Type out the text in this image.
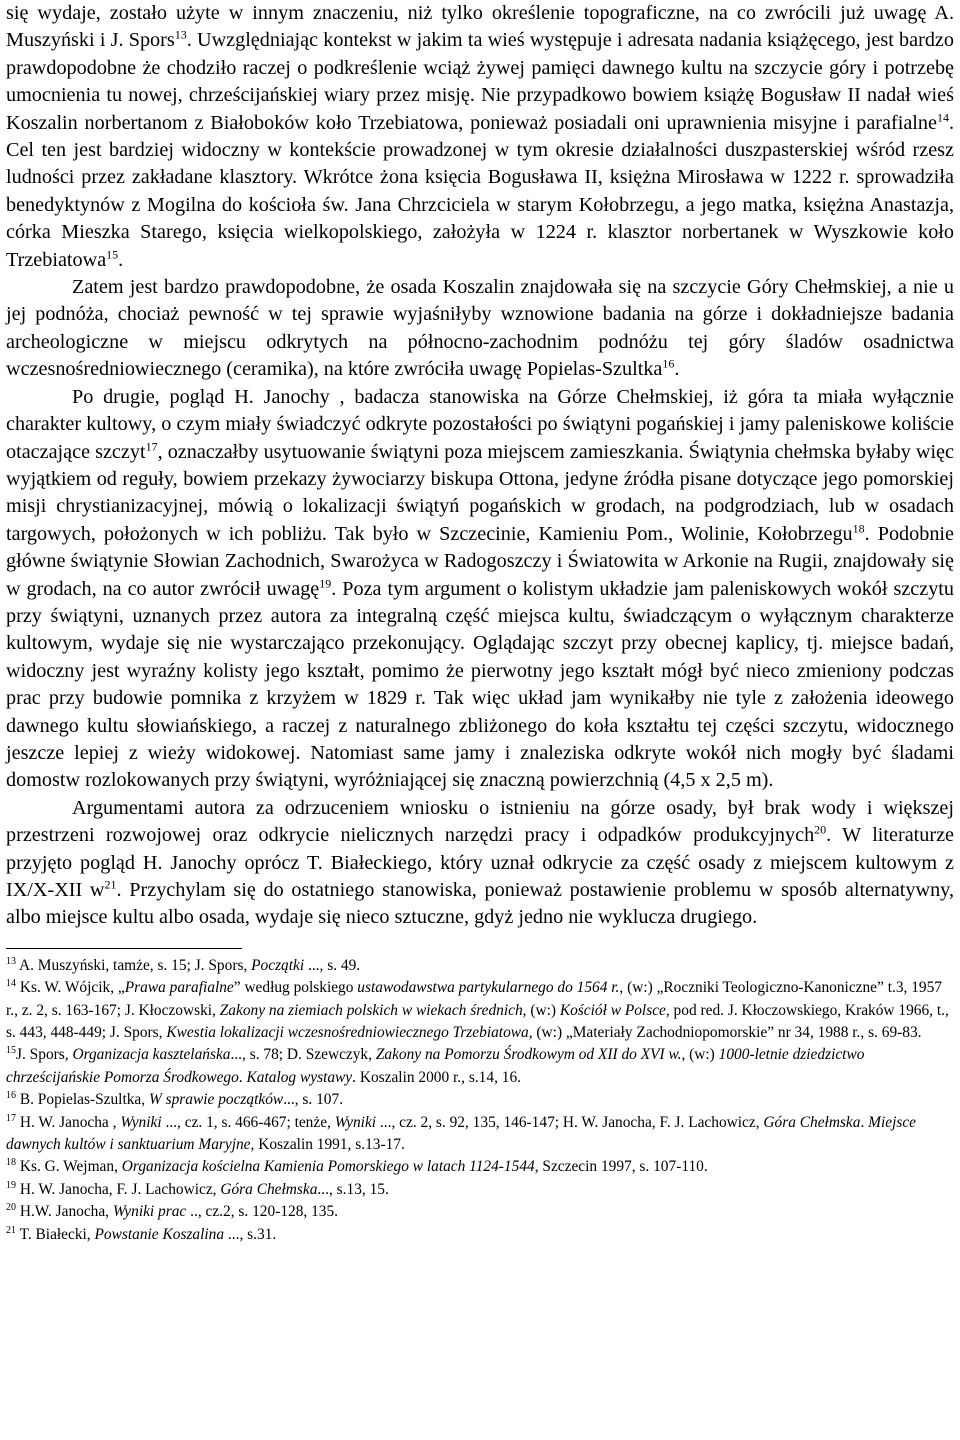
się wydaje, zostało użyte w innym znaczeniu, niż tylko określenie topograficzne, na co zwrócili już uwagę A. Muszyński i J. Spors$^{13}$. Uwzględniając kontekst w jakim ta wieś występuje i adresata nadania książęcego, jest bardzo prawdopodobne że chodziło raczej o podkreślenie wciąż żywej pamięci dawnego kultu na szczycie góry i potrzebę umocnienia tu nowej, chrześcijańskiej wiary przez misję. Nie przypadkowo bowiem książę Bogusław II nadał wieś Koszalin norbertanom z Białoboków koło Trzebiatowa, ponieważ posiadali oni uprawnienia misyjne i parafialne$^{14}$. Cel ten jest bardziej widoczny w kontekście prowadzonej w tym okresie działalności duszpasterskiej wśród rzesz ludności przez zakładane klasztory. Wkrótce żona księcia Bogusława II, księżna Mirosława w 1222 r. sprowadziła benedyktynów z Mogilna do kościoła św. Jana Chrzciciela w starym Kołobrzegu, a jego matka, księżna Anastazja, córka Mieszka Starego, księcia wielkopolskiego, założyła w 1224 r. klasztor norbertanek w Wyszkowie koło Trzebiatowa$^{15}$.

Zatem jest bardzo prawdopodobne, że osada Koszalin znajdowała się na szczycie Góry Chełmskiej, a nie u jej podnóża, chociaż pewność w tej sprawie wyjaśniłyby wznowione badania na górze i dokładniejsze badania archeologiczne w miejscu odkrytych na północno-zachodnim podnóżu tej góry śladów osadnictwa wczesnośredniowiecznego (ceramika), na które zwróciła uwagę Popielas-Szultka$^{16}$.

Po drugie, pogląd H. Janochy , badacza stanowiska na Górze Chełmskiej, iż góra ta miała wyłącznie charakter kultowy, o czym miały świadczyć odkryte pozostałości po świątyni pogańskiej i jamy paleniskowe koliście otaczające szczyt$^{17}$, oznaczałby usytuowanie świątyni poza miejscem zamieszkania. Świątynia chełmska byłaby więc wyjątkiem od reguły, bowiem przekazy żywociarzy biskupa Ottona, jedyne źródła pisane dotyczące jego pomorskiej misji chrystianizacyjnej, mówią o lokalizacji świątyń pogańskich w grodach, na podgrodziach, lub w osadach targowych, położonych w ich pobliżu. Tak było w Szczecinie, Kamieniu Pom., Wolinie, Kołobrzegu$^{18}$. Podobnie główne świątynie Słowian Zachodnich, Swarożyca w Radogoszczy i Światowita w Arkonie na Rugii, znajdowały się w grodach, na co autor zwrócił uwagę$^{19}$. Poza tym argument o kolistym układzie jam paleniskowych wokół szczytu przy świątyni, uznanych przez autora za integralną część miejsca kultu, świadczącym o wyłącznym charakterze kultowym, wydaje się nie wystarczająco przekonujący. Oglądając szczyt przy obecnej kaplicy, tj. miejsce badań, widoczny jest wyraźny kolisty jego kształt, pomimo że pierwotny jego kształt mógł być nieco zmieniony podczas prac przy budowie pomnika z krzyżem w 1829 r. Tak więc układ jam wynikałby nie tyle z założenia ideowego dawnego kultu słowiańskiego, a raczej z naturalnego zbliżonego do koła kształtu tej części szczytu, widocznego jeszcze lepiej z wieży widokowej. Natomiast same jamy i znaleziska odkryte wokół nich mogły być śladami domostw rozlokowanych przy świątyni, wyróżniającej się znaczną powierzchnią (4,5 x 2,5 m).

Argumentami autora za odrzuceniem wniosku o istnieniu na górze osady, był brak wody i większej przestrzeni rozwojowej oraz odkrycie nielicznych narzędzi pracy i odpadków produkcyjnych$^{20}$. W literaturze przyjęto pogląd H. Janochy oprócz T. Białeckiego, który uznał odkrycie za część osady z miejscem kultowym z IX/X-XII $w^{21}$. Przychylam się do ostatniego stanowiska, ponieważ postawienie problemu w sposób alternatywny, albo miejsce kultu albo osada, wydaje się nieco sztuczne, gdyż jedno nie wyklucza drugiego.

$^{13}$ A. Muszyński, tamże, s. 15; J. Spors, Początki ..., s. 49.

$^{14}$ Ks. W. Wójcik, „Prawa parafialne” według polskiego ustawodawstwa partykularnego do 1564 r., (w:) „Roczniki Teologiczno-Kanoniczne” t.3, 1957 r., z. 2, s. 163-167; J. Kłoczowski, Zakony na ziemiach polskich w wiekach średnich, (w:) Kościół w Polsce, pod red. J. Kłoczowskiego, Kraków 1966, t., s. 443, 448-449; J. Spors, Kwestia lokalizacji wczesnośredniowiecznego Trzebiatowa, (w:) „Materiały Zachodniopomorskie” nr 34, 1988 r., s. 69-83.

$^{15}$J. Spors, Organizacja kasztelańska..., s. 78; D. Szewczyk, Zakony na Pomorzu Środkowym od XII do XVI w., (w:) 1000-letnie dziedzictwo chrześcijańskie Pomorza Środkowego. Katalog wystawy. Koszalin 2000 r., s.14, 16.

$^{16}$ B. Popielas-Szultka, W sprawie początków..., s. 107.

$^{17}$ H. W. Janocha , Wyniki ..., cz. 1, s. 466-467; tenże, Wyniki ..., cz. 2, s. 92, 135, 146-147; H. W. Janocha, F. J. Lachowicz, Góra Chełmska. Miejsce dawnych kultów i sanktuarium Maryjne, Koszalin 1991, s.13-17.

$^{18}$ Ks. G. Wejman, Organizacja kościelna Kamienia Pomorskiego w latach 1124-1544, Szczecin 1997, s. 107-110.

$^{19}$ H. W. Janocha, F. J. Lachowicz, Góra Chełmska..., s.13, 15.

$^{20}$ H.W. Janocha, Wyniki prac .., cz.2, s. 120-128, 135.

$^{21}$ T. Białecki, Powstanie Koszalina ..., s.31.
